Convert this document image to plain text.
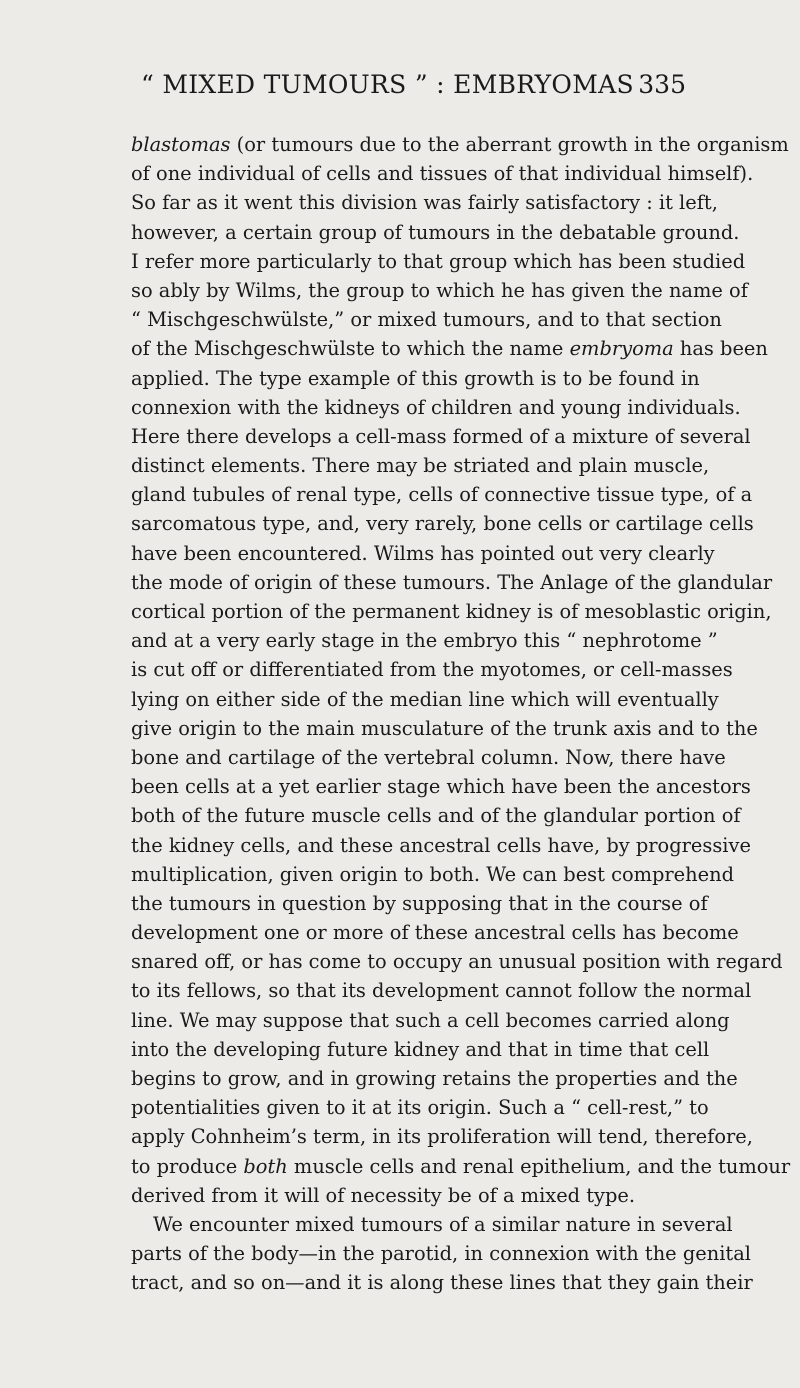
“ MIXED TUMOURS ” : EMBRYOMAS 335
blastomas (or tumours due to the aberrant growth in the organism
of one individual of cells and tissues of that individual himself).
So far as it went this division was fairly satisfactory : it left,
however, a certain group of tumours in the debatable ground.
I refer more particularly to that group which has been studied
so ably by Wilms, the group to which he has given the name of
“ Mischgeschwülste,” or mixed tumours, and to that section
of the Mischgeschwülste to which the name embryoma has been
applied. The type example of this growth is to be found in
connexion with the kidneys of children and young individuals.
Here there develops a cell-mass formed of a mixture of several
distinct elements. There may be striated and plain muscle,
gland tubules of renal type, cells of connective tissue type, of a
sarcomatous type, and, very rarely, bone cells or cartilage cells
have been encountered. Wilms has pointed out very clearly
the mode of origin of these tumours. The Anlage of the glandular
cortical portion of the permanent kidney is of mesoblastic origin,
and at a very early stage in the embryo this “ nephrotome ”
is cut off or differentiated from the myotomes, or cell-masses
lying on either side of the median line which will eventually
give origin to the main musculature of the trunk axis and to the
bone and cartilage of the vertebral column. Now, there have
been cells at a yet earlier stage which have been the ancestors
both of the future muscle cells and of the glandular portion of
the kidney cells, and these ancestral cells have, by progressive
multiplication, given origin to both. We can best comprehend
the tumours in question by supposing that in the course of
development one or more of these ancestral cells has become
snared off, or has come to occupy an unusual position with regard
to its fellows, so that its development cannot follow the normal
line. We may suppose that such a cell becomes carried along
into the developing future kidney and that in time that cell
begins to grow, and in growing retains the properties and the
potentialities given to it at its origin. Such a “ cell-rest,” to
apply Cohnheim’s term, in its proliferation will tend, therefore,
to produce both muscle cells and renal epithelium, and the tumour
derived from it will of necessity be of a mixed type.
We encounter mixed tumours of a similar nature in several
parts of the body—in the parotid, in connexion with the genital
tract, and so on—and it is along these lines that they gain their
